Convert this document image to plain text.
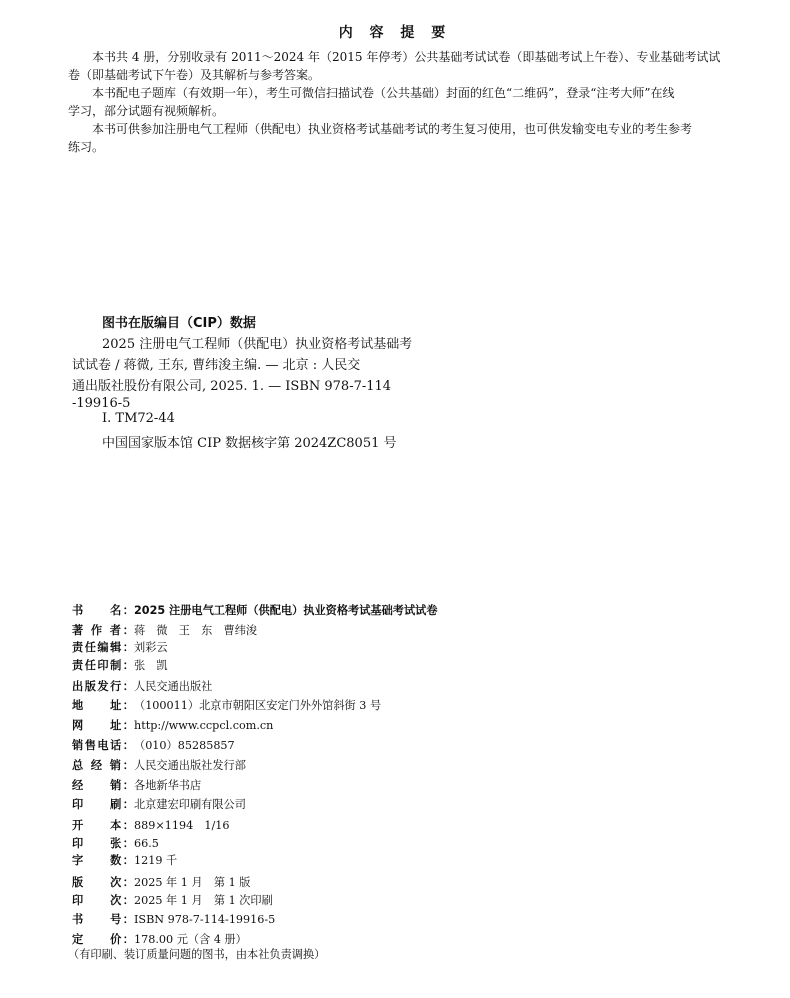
内 容 提 要
本书共 4 册，分别收录有 2011～2024 年（2015 年停考）公共基础考试试卷（即基础考试上午卷）、专业基础考试试
卷（即基础考试下午卷）及其解析与参考答案。
本书配电子题库（有效期一年），考生可微信扫描试卷（公共基础）封面的红色“二维码”，登录“注考大师”在线
学习，部分试题有视频解析。
本书可供参加注册电气工程师（供配电）执业资格考试基础考试的考生复习使用，也可供发输变电专业的考生参考
练习。
图书在版编目（CIP）数据
2025 注册电气工程师（供配电）执业资格考试基础考
试试卷 / 蒋微, 王东, 曹纬浚主编. — 北京 : 人民交
通出版社股份有限公司, 2025. 1. — ISBN 978-7-114
-19916-5
Ⅰ. TM72-44
中国国家版本馆 CIP 数据核字第 2024ZC8051 号
书　　名：2025 注册电气工程师（供配电）执业资格考试基础考试试卷
著 作 者：蒋　微　王　东　曹纬浚
责任编辑：刘彩云
责任印制：张　凯
出版发行：人民交通出版社
地　　址：（100011）北京市朝阳区安定门外外馆斜街 3 号
网　　址：http://www.ccpcl.com.cn
销售电话：（010）85285857
总 经 销：人民交通出版社发行部
经　　销：各地新华书店
印　　刷：北京建宏印刷有限公司
开　　本：889×1194　1/16
印　　张：66.5
字　　数：1219 千
版　　次：2025 年 1 月　第 1 版
印　　次：2025 年 1 月　第 1 次印刷
书　　号：ISBN 978-7-114-19916-5
定　　价：178.00 元（含 4 册）
（有印刷、装订质量问题的图书，由本社负责调换）
